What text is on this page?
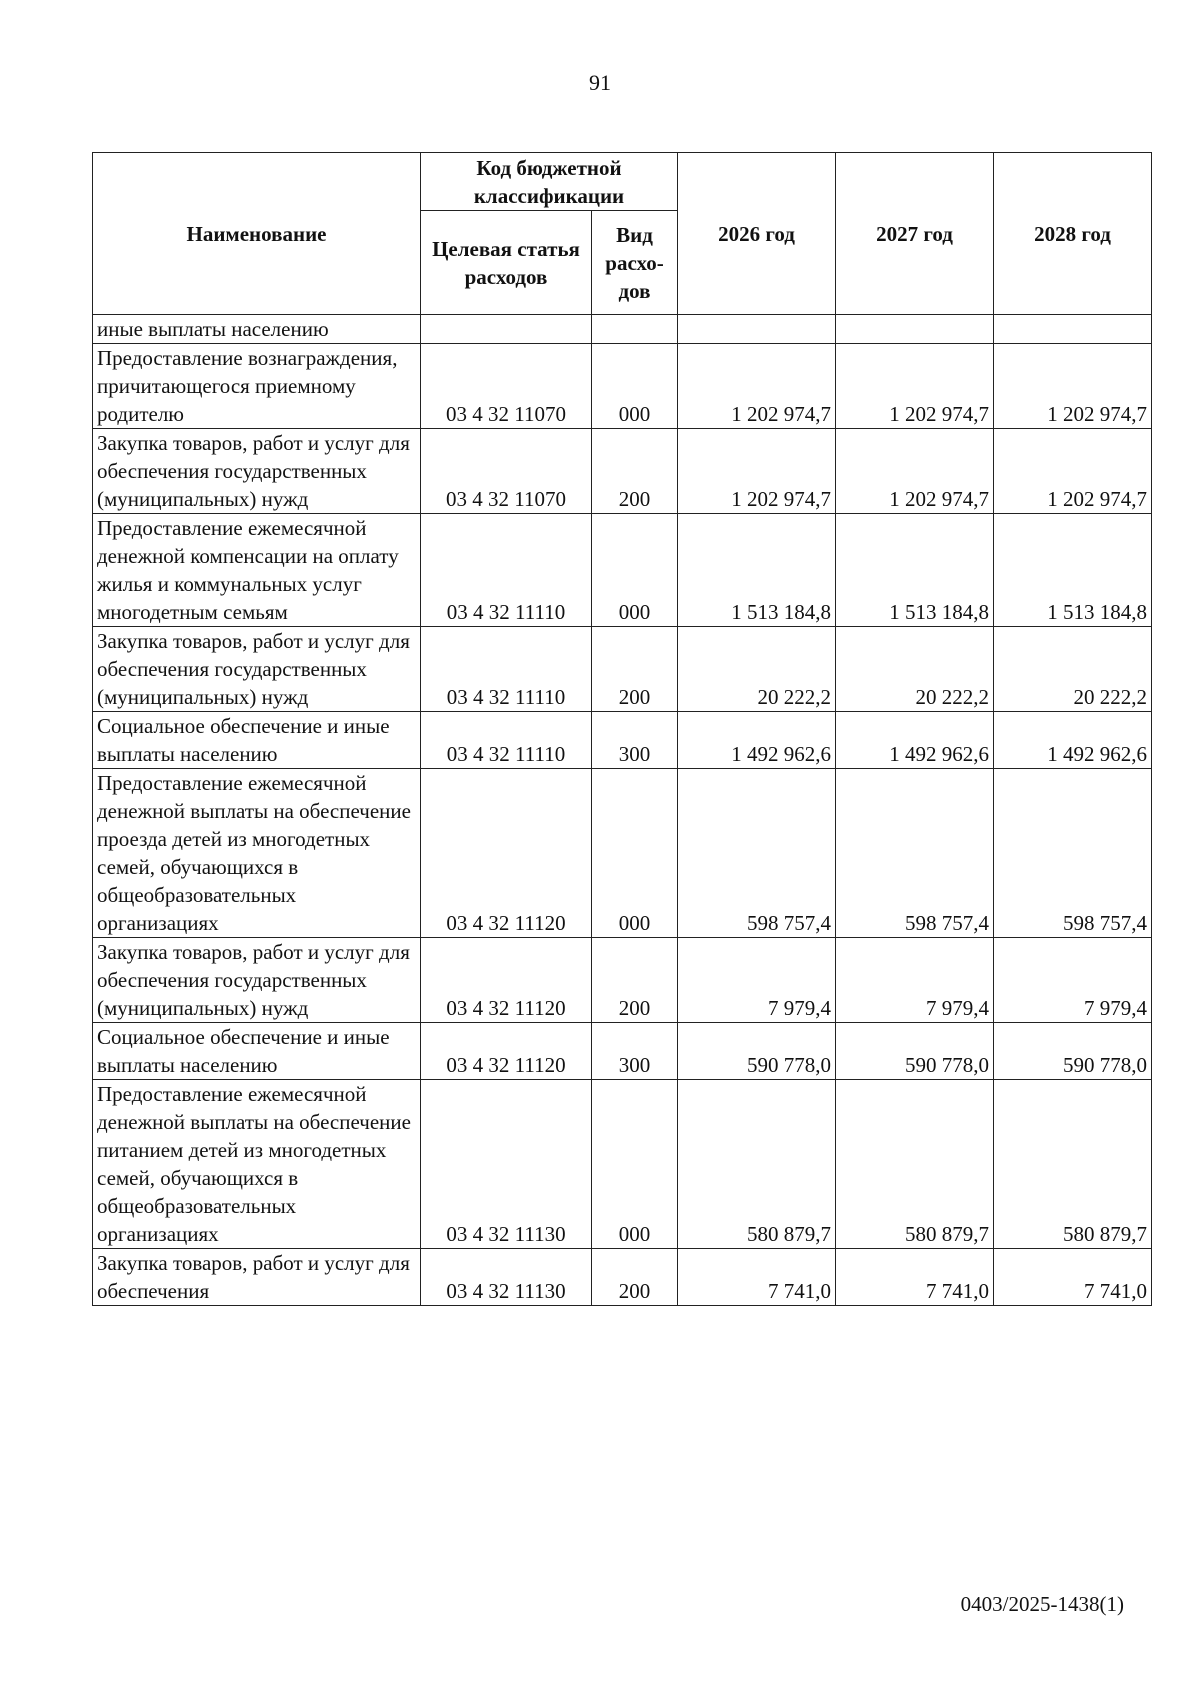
91
Наименование	Код бюджетной классификации		2026 год	2027 год	2028 год
	Целевая статья расходов	Вид расхо-дов			
иные выплаты населению					
Предоставление вознаграждения, причитающегося приемному родителю	03 4 32 11070	000	1 202 974,7	1 202 974,7	1 202 974,7
Закупка товаров, работ и услуг для обеспечения государственных (муниципальных) нужд	03 4 32 11070	200	1 202 974,7	1 202 974,7	1 202 974,7
Предоставление ежемесячной денежной компенсации на оплату жилья и коммунальных услуг многодетным семьям	03 4 32 11110	000	1 513 184,8	1 513 184,8	1 513 184,8
Закупка товаров, работ и услуг для обеспечения государственных (муниципальных) нужд	03 4 32 11110	200	20 222,2	20 222,2	20 222,2
Социальное обеспечение и иные выплаты населению	03 4 32 11110	300	1 492 962,6	1 492 962,6	1 492 962,6
Предоставление ежемесячной денежной выплаты на обеспечение проезда детей из многодетных семей, обучающихся в общеобразовательных организациях	03 4 32 11120	000	598 757,4	598 757,4	598 757,4
Закупка товаров, работ и услуг для обеспечения государственных (муниципальных) нужд	03 4 32 11120	200	7 979,4	7 979,4	7 979,4
Социальное обеспечение и иные выплаты населению	03 4 32 11120	300	590 778,0	590 778,0	590 778,0
Предоставление ежемесячной денежной выплаты на обеспечение питанием детей из многодетных семей, обучающихся в общеобразовательных организациях	03 4 32 11130	000	580 879,7	580 879,7	580 879,7
Закупка товаров, работ и услуг для обеспечения	03 4 32 11130	200	7 741,0	7 741,0	7 741,0
0403/2025-1438(1)
